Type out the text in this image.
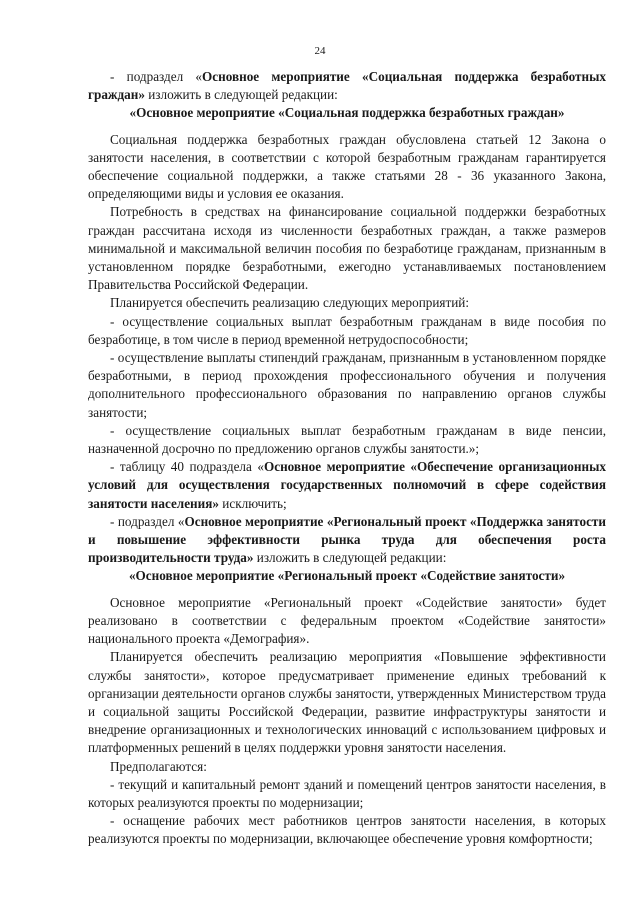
24

- подраздел «Основное мероприятие «Социальная поддержка безработных граждан» изложить в следующей редакции:

«Основное мероприятие «Социальная поддержка безработных граждан»

Социальная поддержка безработных граждан обусловлена статьей 12 Закона о занятости населения, в соответствии с которой безработным гражданам гарантируется обеспечение социальной поддержки, а также статьями 28 - 36 указанного Закона, определяющими виды и условия ее оказания.

Потребность в средствах на финансирование социальной поддержки безработных граждан рассчитана исходя из численности безработных граждан, а также размеров минимальной и максимальной величин пособия по безработице гражданам, признанным в установленном порядке безработными, ежегодно устанавливаемых постановлением Правительства Российской Федерации.

Планируется обеспечить реализацию следующих мероприятий:

- осуществление социальных выплат безработным гражданам в виде пособия по безработице, в том числе в период временной нетрудоспособности;

- осуществление выплаты стипендий гражданам, признанным в установленном порядке безработными, в период прохождения профессионального обучения и получения дополнительного профессионального образования по направлению органов службы занятости;

- осуществление социальных выплат безработным гражданам в виде пенсии, назначенной досрочно по предложению органов службы занятости.»;

- таблицу 40 подраздела «Основное мероприятие «Обеспечение организационных условий для осуществления государственных полномочий в сфере содействия занятости населения» исключить;

- подраздел «Основное мероприятие «Региональный проект «Поддержка занятости и повышение эффективности рынка труда для обеспечения роста производительности труда» изложить в следующей редакции:

«Основное мероприятие «Региональный проект «Содействие занятости»

Основное мероприятие «Региональный проект «Содействие занятости» будет реализовано в соответствии с федеральным проектом «Содействие занятости» национального проекта «Демография».

Планируется обеспечить реализацию мероприятия «Повышение эффективности службы занятости», которое предусматривает применение единых требований к организации деятельности органов службы занятости, утвержденных Министерством труда и социальной защиты Российской Федерации, развитие инфраструктуры занятости и внедрение организационных и технологических инноваций с использованием цифровых и платформенных решений в целях поддержки уровня занятости населения.

Предполагаются:

- текущий и капитальный ремонт зданий и помещений центров занятости населения, в которых реализуются проекты по модернизации;

- оснащение рабочих мест работников центров занятости населения, в которых реализуются проекты по модернизации, включающее обеспечение уровня комфортности;
